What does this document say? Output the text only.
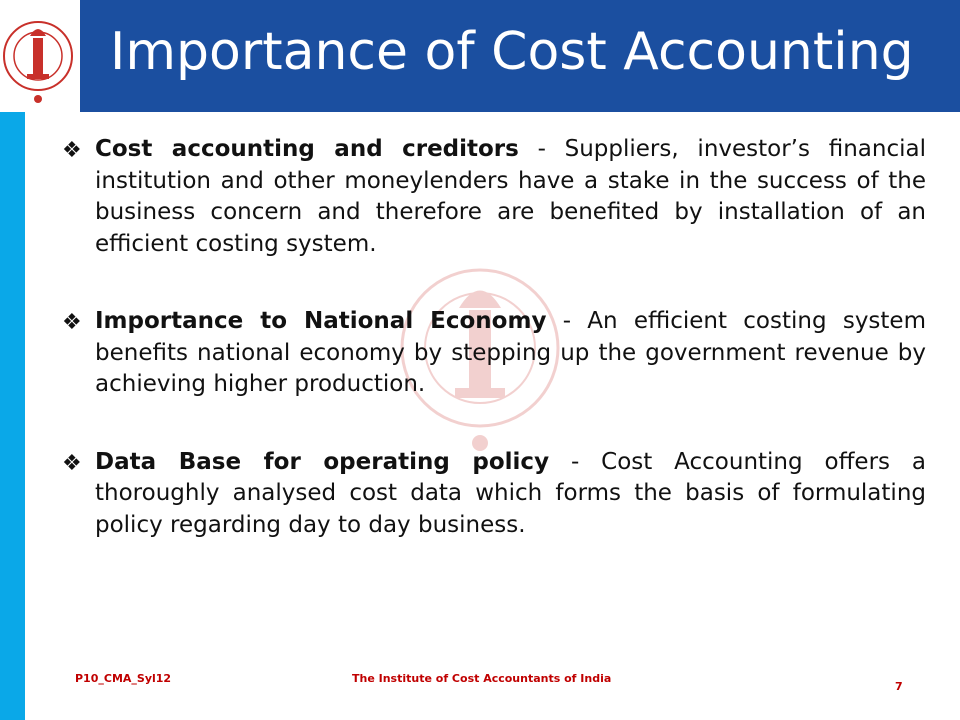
Importance of Cost Accounting
❖ Cost accounting and creditors - Suppliers, investor’s financial institution and other moneylenders have a stake in the success of the business concern and therefore are benefited by installation of an efficient costing system.
❖ Importance to National Economy - An efficient costing system benefits national economy by stepping up the government revenue by achieving higher production.
❖ Data Base for operating policy - Cost Accounting offers a thoroughly analysed cost data which forms the basis of formulating policy regarding day to day business.
P10_CMA_Syl12	The Institute of Cost Accountants of India
7
